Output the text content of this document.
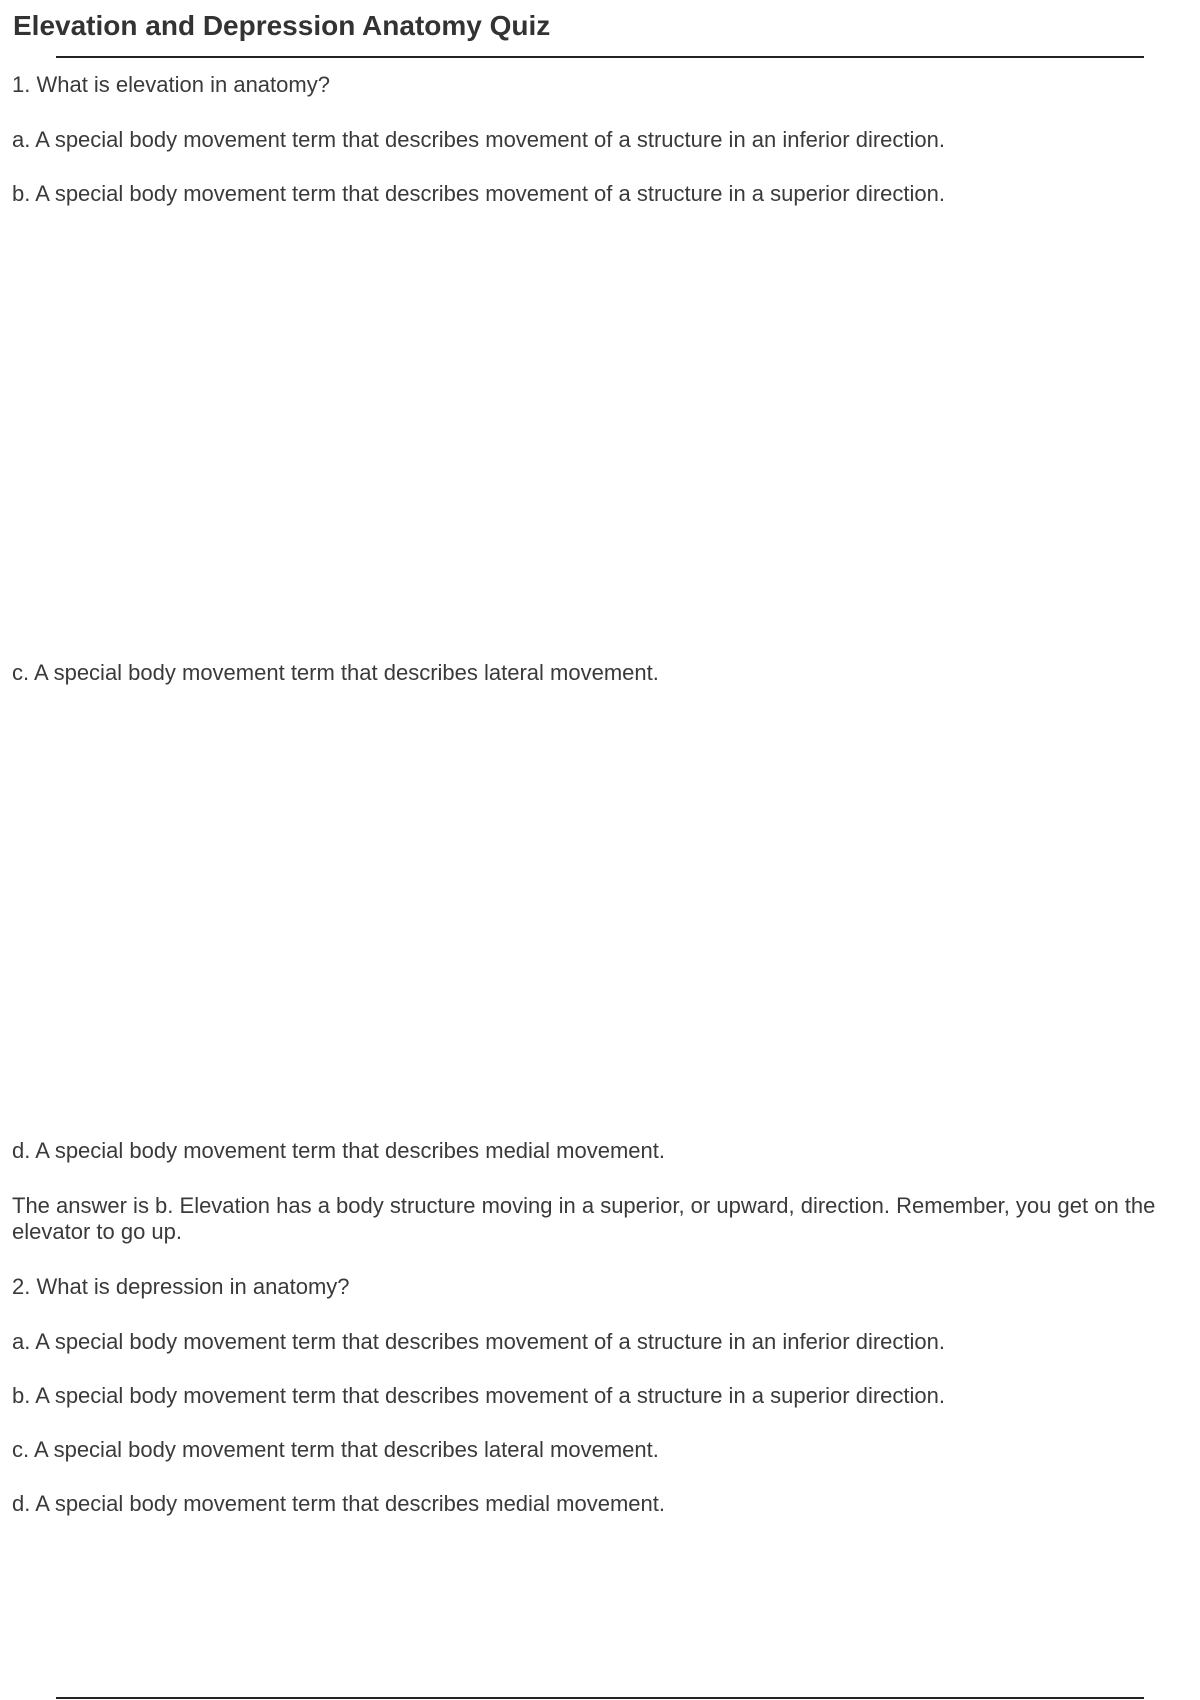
Elevation and Depression Anatomy Quiz

1. What is elevation in anatomy?

a. A special body movement term that describes movement of a structure in an inferior direction.

b. A special body movement term that describes movement of a structure in a superior direction.

c. A special body movement term that describes lateral movement.

d. A special body movement term that describes medial movement.

The answer is b. Elevation has a body structure moving in a superior, or upward, direction. Remember, you get on the elevator to go up.

2. What is depression in anatomy?

a. A special body movement term that describes movement of a structure in an inferior direction.

b. A special body movement term that describes movement of a structure in a superior direction.

c. A special body movement term that describes lateral movement.

d. A special body movement term that describes medial movement.
